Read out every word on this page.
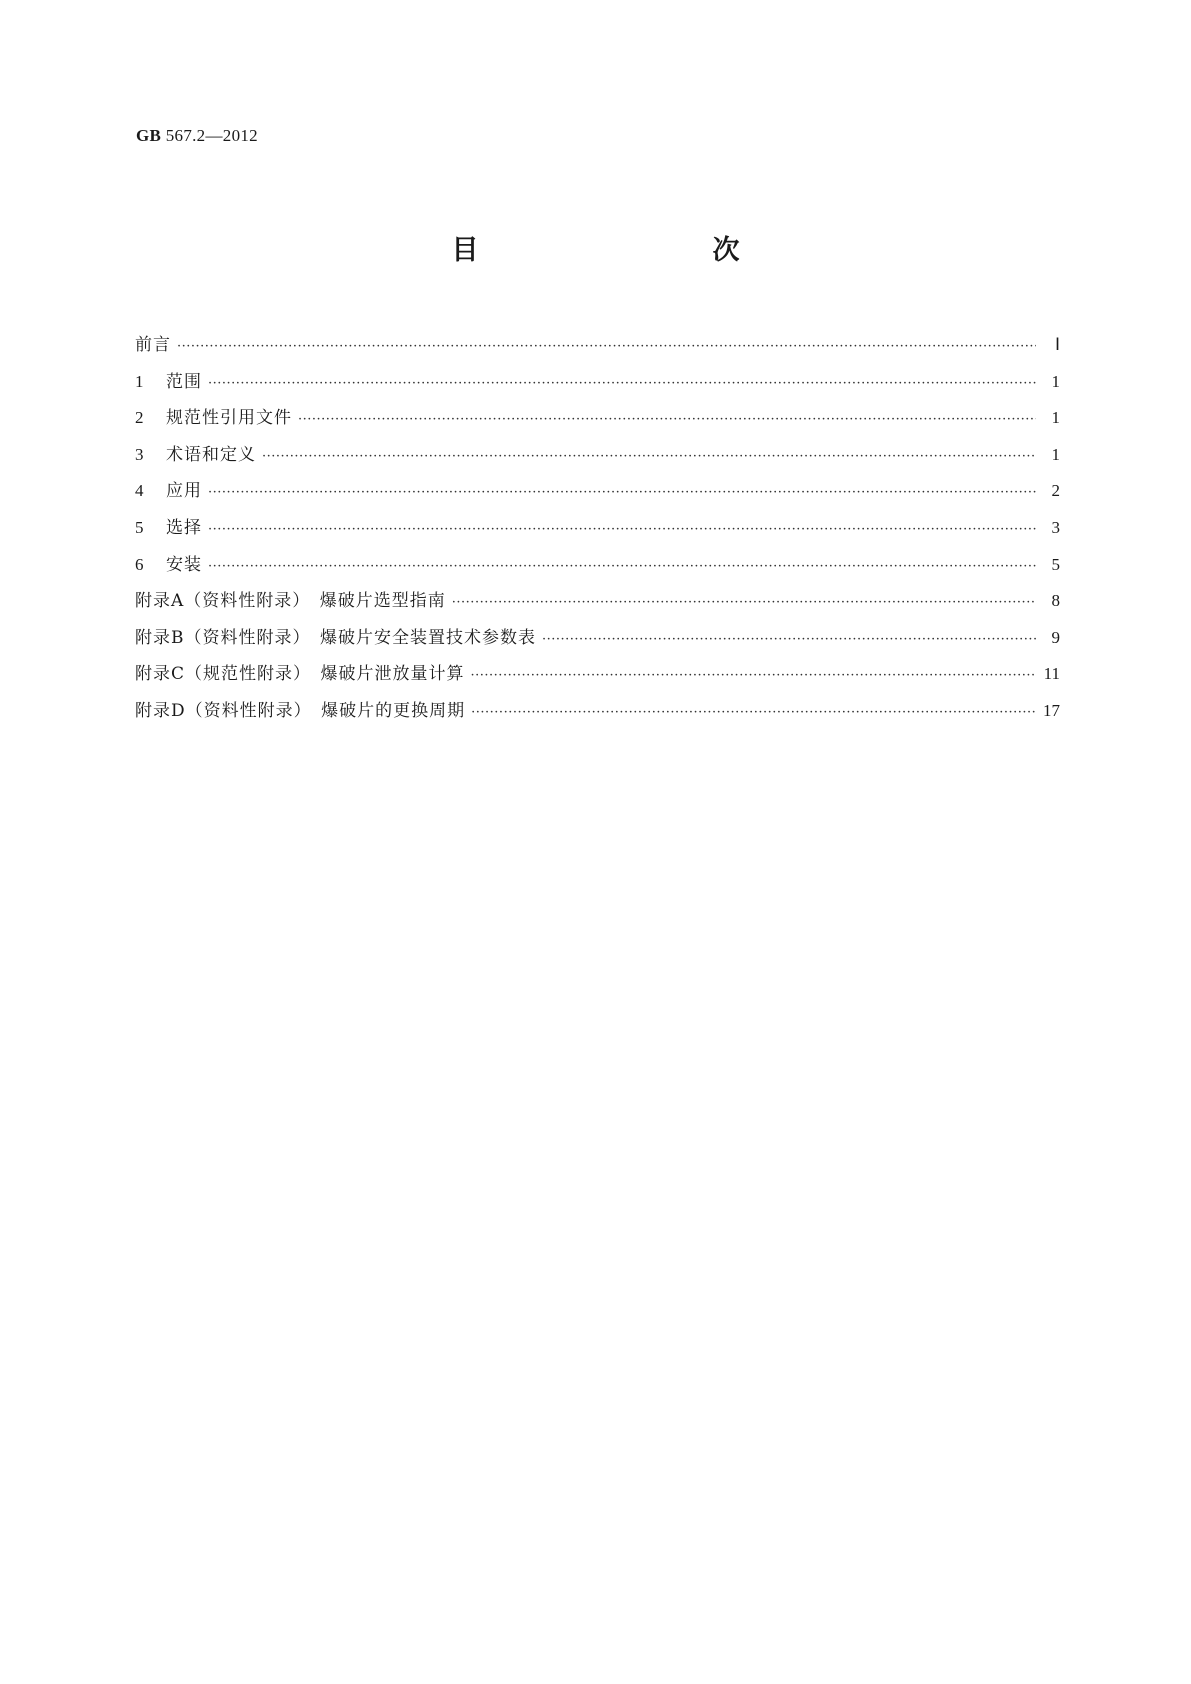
GB 567.2—2012
目　　次
前言 ·····	Ⅰ
1	范围 ·····	1
2	规范性引用文件 ·····	1
3	术语和定义 ·····	1
4	应用 ·····	2
5	选择 ·····	3
6	安装 ·····	5
附录A（资料性附录）　爆破片选型指南 ·····	8
附录B（资料性附录）　爆破片安全装置技术参数表 ·····	9
附录C（规范性附录）　爆破片泄放量计算 ·····	11
附录D（资料性附录）　爆破片的更换周期 ·····	17
